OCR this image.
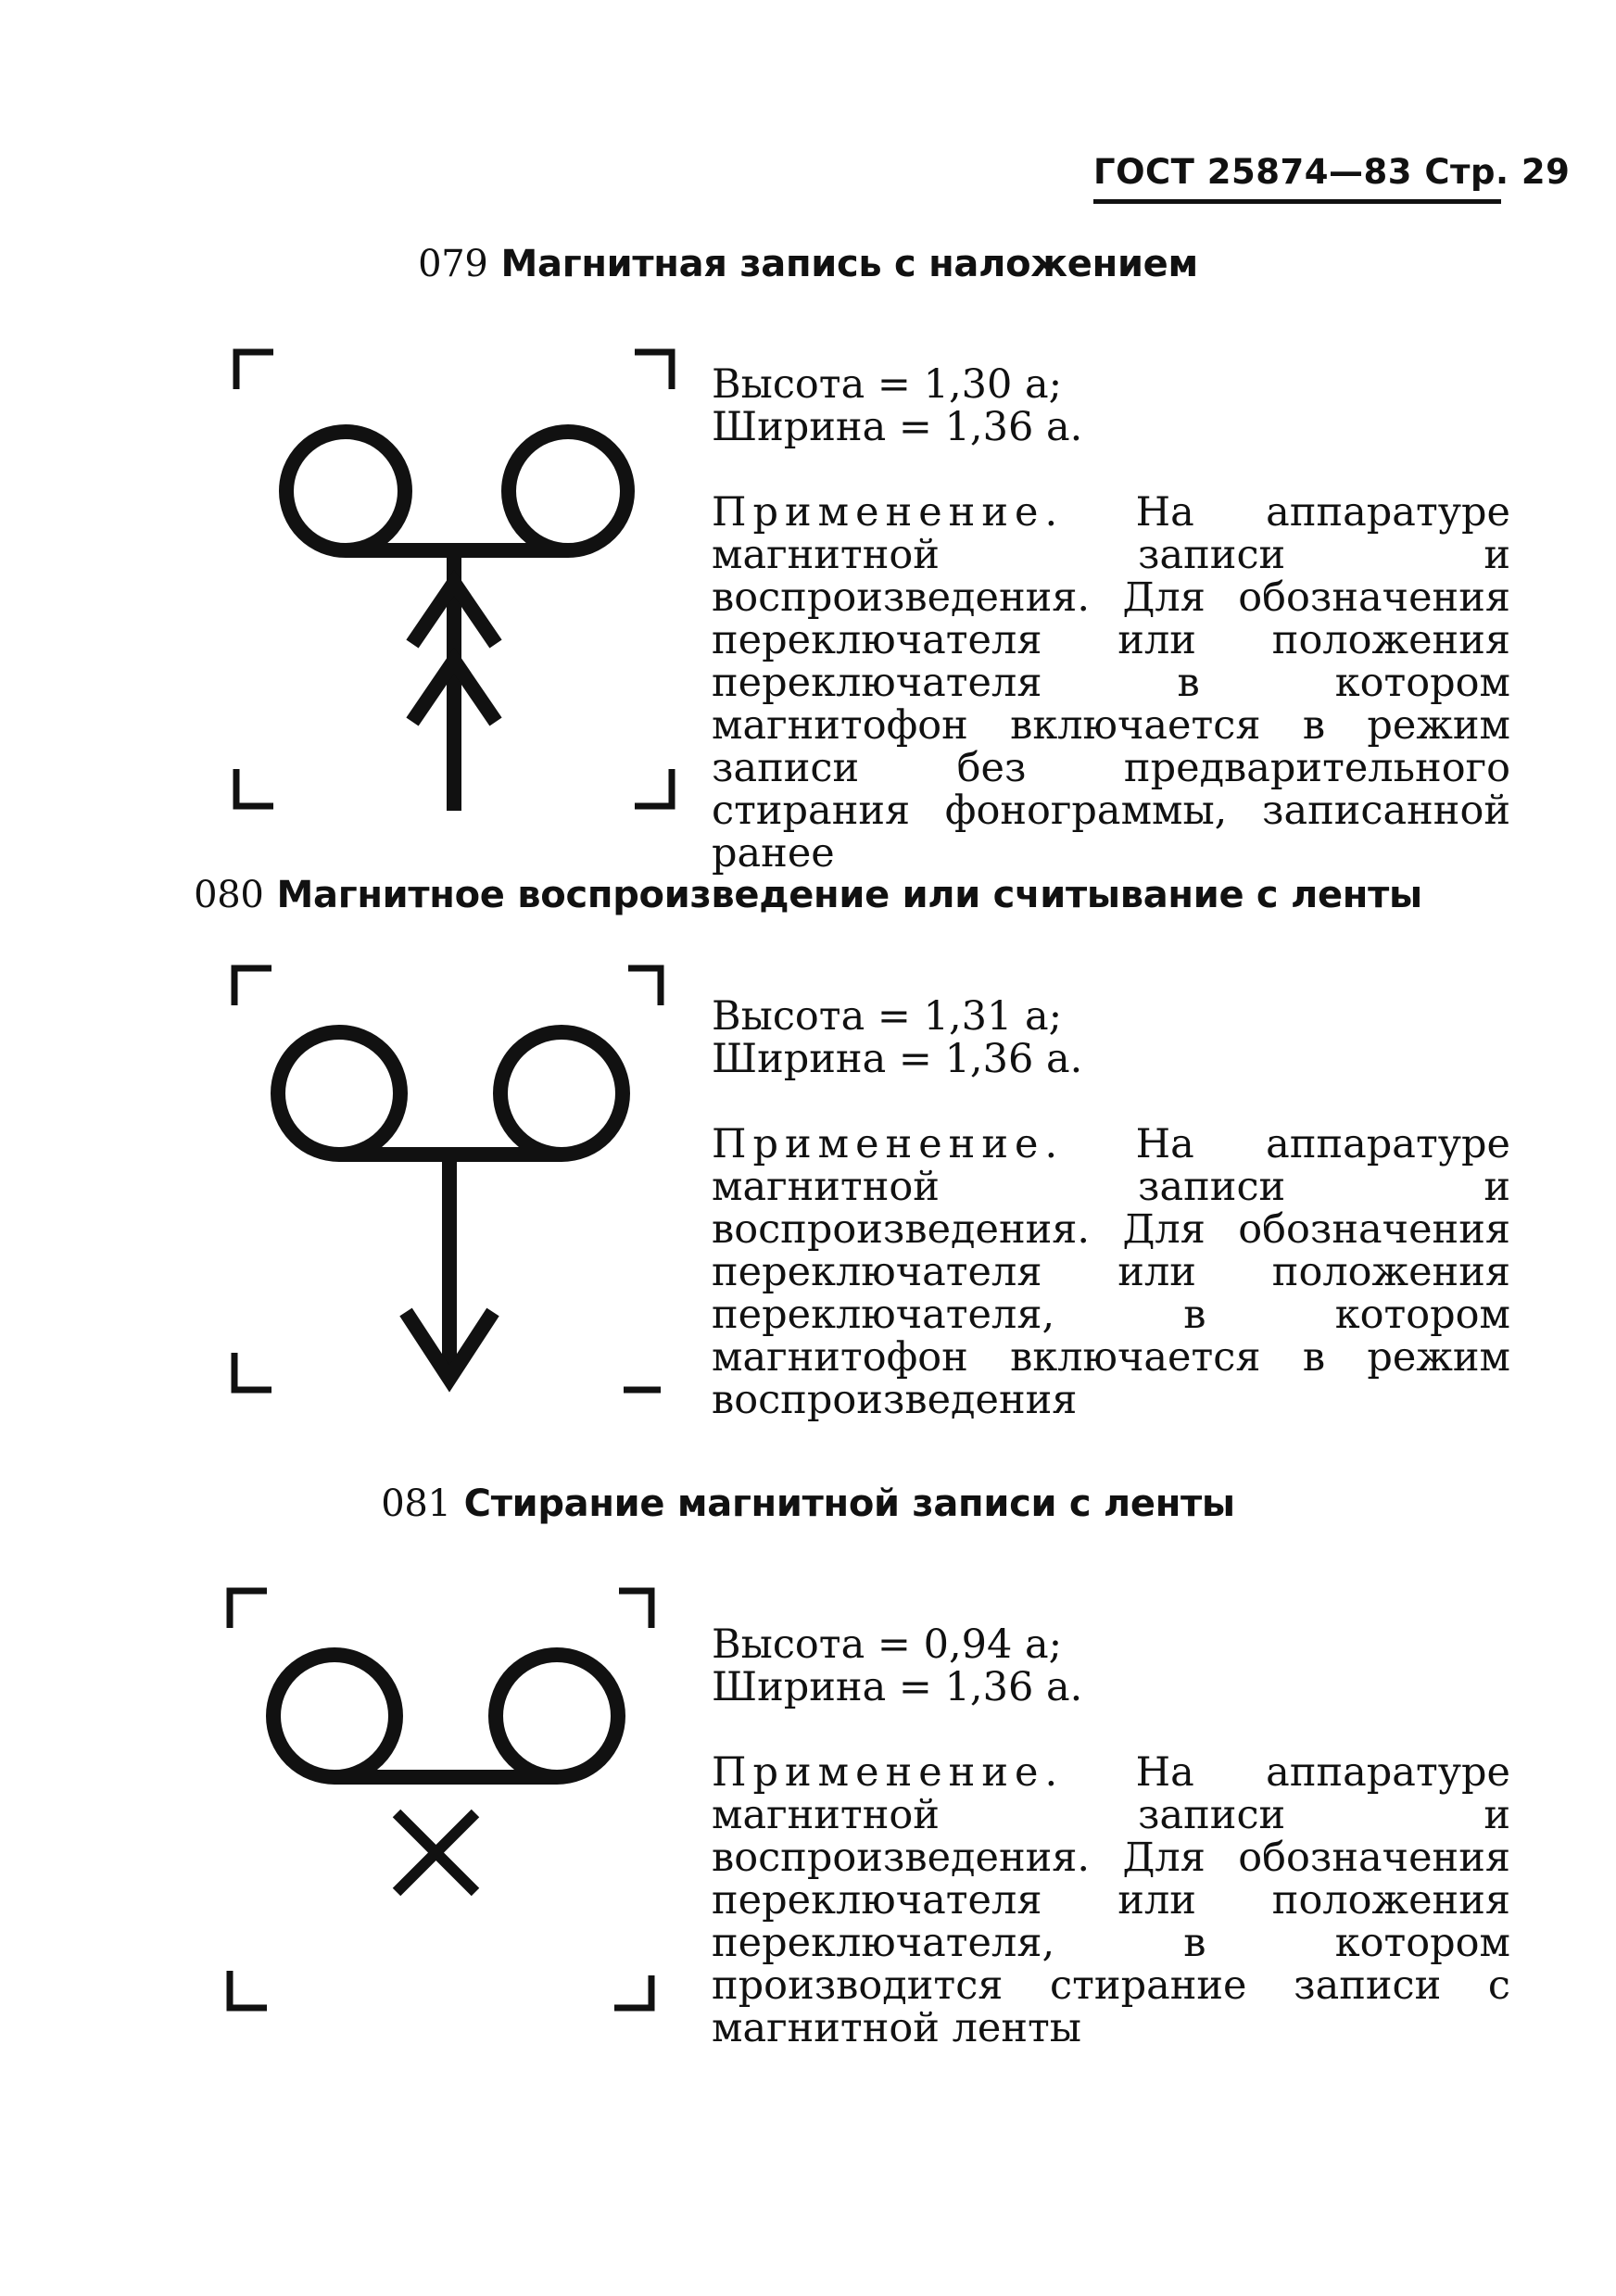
ГОСТ 25874—83 Стр. 29
079 Магнитная запись с наложением
Высота = 1,30 a;
Ширина = 1,36 a.
Применение. На аппаратуре магнитной записи и воспроизведения. Для обозначения переключателя или положения переключателя в котором магнитофон включается в режим записи без предварительного стирания фонограммы, записанной ранее
080 Магнитное воспроизведение или считывание с ленты
Высота = 1,31 a;
Ширина = 1,36 a.
Применение. На аппаратуре магнитной записи и воспроизведения. Для обозначения переключателя или положения переключателя, в котором магнитофон включается в режим воспроизведения
081 Стирание магнитной записи с ленты
Высота = 0,94 a;
Ширина = 1,36 a.
Применение. На аппаратуре магнитной записи и воспроизведения. Для обозначения переключателя или положения переключателя, в котором производится стирание записи с магнитной ленты
